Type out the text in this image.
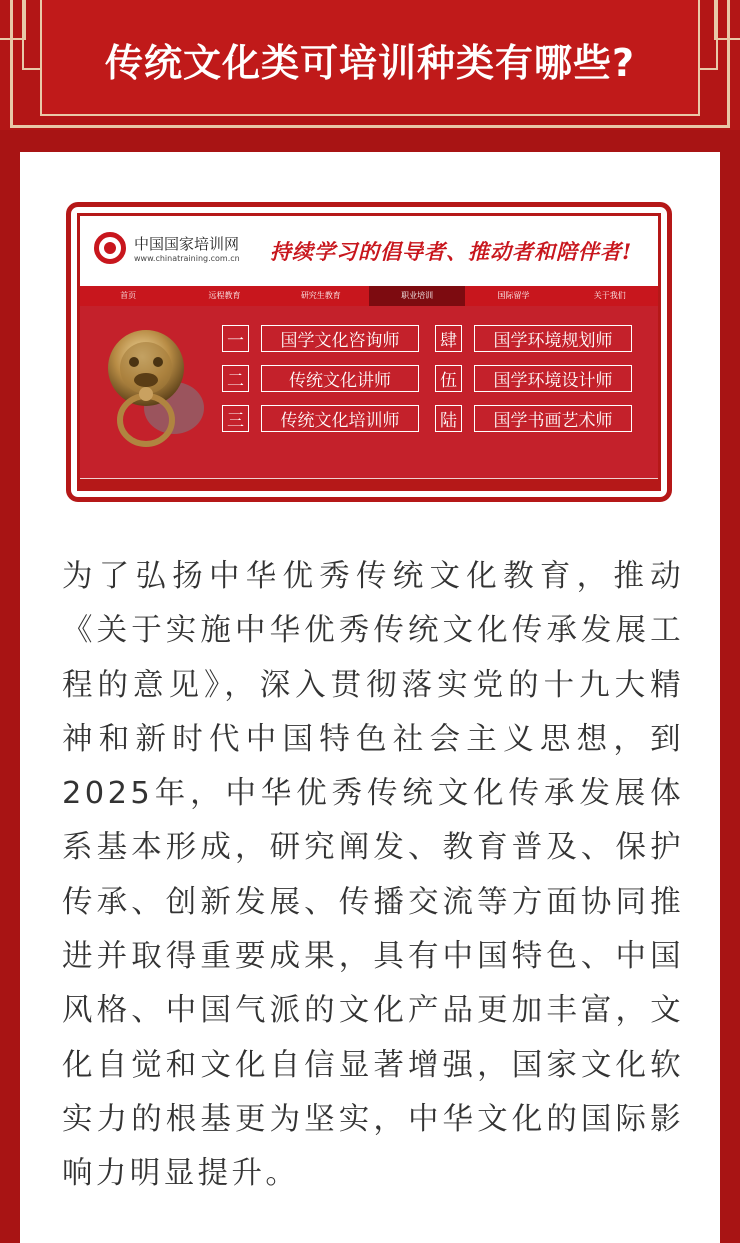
传统文化类可培训种类有哪些?
中国国家培训网
www.chinatraining.com.cn 持续学习的倡导者、推动者和陪伴者!
首页	远程教育	研究生教育	职业培训	国际留学	关于我们
一	国学文化咨询师	肆	国学环境规划师
二	传统文化讲师	伍	国学环境设计师
三	传统文化培训师	陆	国学书画艺术师
为了弘扬中华优秀传统文化教育，推动《关于实施中华优秀传统文化传承发展工程的意见》，深入贯彻落实党的十九大精神和新时代中国特色社会主义思想，到2025年，中华优秀传统文化传承发展体系基本形成，研究阐发、教育普及、保护传承、创新发展、传播交流等方面协同推进并取得重要成果，具有中国特色、中国风格、中国气派的文化产品更加丰富，文化自觉和文化自信显著增强，国家文化软实力的根基更为坚实，中华文化的国际影响力明显提升。
